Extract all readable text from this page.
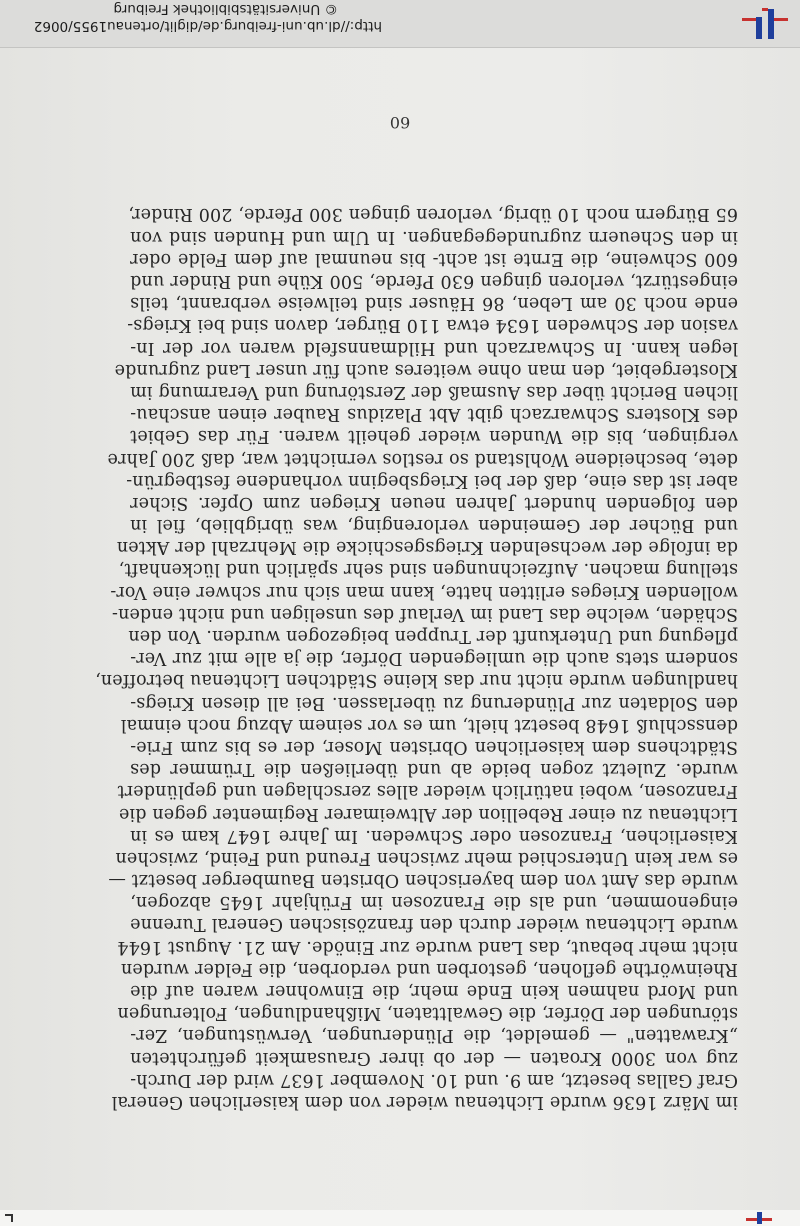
im März 1636 wurde Lichtenau wieder von dem kaiserlichen General
Graf Gallas besetzt, am 9. und 10. November 1637 wird der Durch-
zug von 3000 Kroaten — der ob ihrer Grausamkeit gefürchteten
„Krawatten" — gemeldet, die Plünderungen, Verwüstungen, Zer-
störungen der Dörfer, die Gewalttaten, Mißhandlungen, Folterungen
und Mord nahmen kein Ende mehr, die Einwohner waren auf die
Rheinwörthe geflohen, gestorben und verdorben, die Felder wurden
nicht mehr bebaut, das Land wurde zur Einöde. Am 21. August 1644
wurde Lichtenau wieder durch den französischen General Turenne
eingenommen, und als die Franzosen im Frühjahr 1645 abzogen,
wurde das Amt von dem bayerischen Obristen Baumberger besetzt —
es war kein Unterschied mehr zwischen Freund und Feind, zwischen
Kaiserlichen, Franzosen oder Schweden. Im Jahre 1647 kam es in
Lichtenau zu einer Rebellion der Altweimarer Regimenter gegen die
Franzosen, wobei natürlich wieder alles zerschlagen und geplündert
wurde. Zuletzt zogen beide ab und überließen die Trümmer des
Städtchens dem kaiserlichen Obristen Moser, der es bis zum Frie-
densschluß 1648 besetzt hielt, um es vor seinem Abzug noch einmal
den Soldaten zur Plünderung zu überlassen. Bei all diesen Kriegs-
handlungen wurde nicht nur das kleine Städtchen Lichtenau betroffen,
sondern stets auch die umliegenden Dörfer, die ja alle mit zur Ver-
pflegung und Unterkunft der Truppen beigezogen wurden. Von den
Schäden, welche das Land im Verlauf des unseligen und nicht enden-
wollenden Krieges erlitten hatte, kann man sich nur schwer eine Vor-
stellung machen. Aufzeichnungen sind sehr spärlich und lückenhaft,
da infolge der wechselnden Kriegsgeschicke die Mehrzahl der Akten
und Bücher der Gemeinden verlorenging, was übrigblieb, fiel in
den folgenden hundert Jahren neuen Kriegen zum Opfer. Sicher
aber ist das eine, daß der bei Kriegsbeginn vorhandene festbegrün-
dete, bescheidene Wohlstand so restlos vernichtet war, daß 200 Jahre
vergingen, bis die Wunden wieder geheilt waren. Für das Gebiet
des Klosters Schwarzach gibt Abt Plazidus Rauber einen anschau-
lichen Bericht über das Ausmaß der Zerstörung und Verarmung im
Klostergebiet, den man ohne weiteres auch für unser Land zugrunde
legen kann. In Schwarzach und Hildmannsfeld waren vor der In-
vasion der Schweden 1634 etwa 110 Bürger, davon sind bei Kriegs-
ende noch 30 am Leben, 86 Häuser sind teilweise verbrannt, teils
eingestürzt, verloren gingen 630 Pferde, 500 Kühe und Rinder und
600 Schweine, die Ernte ist acht- bis neunmal auf dem Felde oder
in den Scheuern zugrundegegangen. In Ulm und Hunden sind von
65 Bürgern noch 10 übrig, verloren gingen 300 Pferde, 200 Rinder,
60
http://dl.ub.uni-freiburg.de/diglit/ortenau1955/0062
© Universitätsbibliothek Freiburg
